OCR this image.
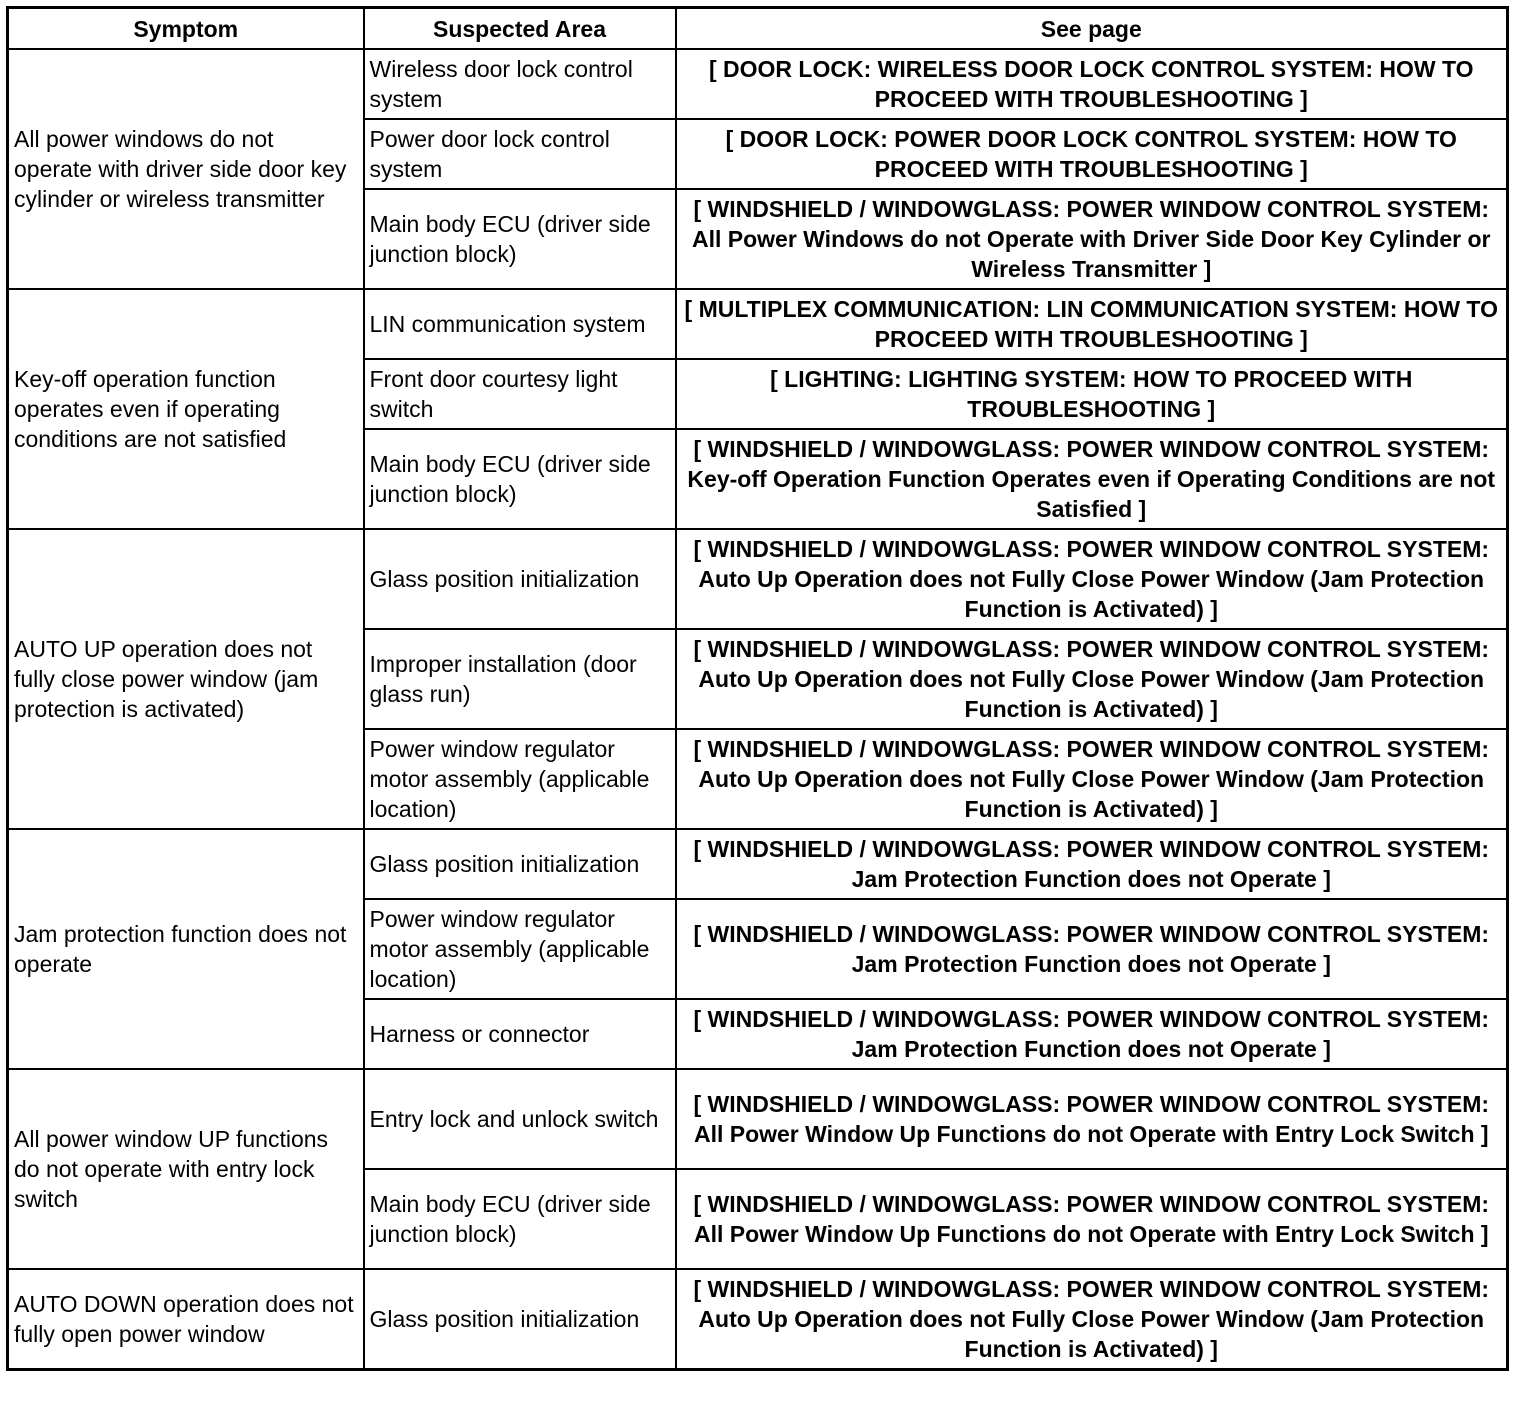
Symptom	Suspected Area	See page
All power windows do not operate with driver side door key cylinder or wireless transmitter	Wireless door lock control system	[ DOOR LOCK: WIRELESS DOOR LOCK CONTROL SYSTEM: HOW TO PROCEED WITH TROUBLESHOOTING ]
	Power door lock control system	[ DOOR LOCK: POWER DOOR LOCK CONTROL SYSTEM: HOW TO PROCEED WITH TROUBLESHOOTING ]
	Main body ECU (driver side junction block)	[ WINDSHIELD / WINDOWGLASS: POWER WINDOW CONTROL SYSTEM: All Power Windows do not Operate with Driver Side Door Key Cylinder or Wireless Transmitter ]
Key-off operation function operates even if operating conditions are not satisfied	LIN communication system	[ MULTIPLEX COMMUNICATION: LIN COMMUNICATION SYSTEM: HOW TO PROCEED WITH TROUBLESHOOTING ]
	Front door courtesy light switch	[ LIGHTING: LIGHTING SYSTEM: HOW TO PROCEED WITH TROUBLESHOOTING ]
	Main body ECU (driver side junction block)	[ WINDSHIELD / WINDOWGLASS: POWER WINDOW CONTROL SYSTEM: Key-off Operation Function Operates even if Operating Conditions are not Satisfied ]
AUTO UP operation does not fully close power window (jam protection is activated)	Glass position initialization	[ WINDSHIELD / WINDOWGLASS: POWER WINDOW CONTROL SYSTEM: Auto Up Operation does not Fully Close Power Window (Jam Protection Function is Activated) ]
	Improper installation (door glass run)	[ WINDSHIELD / WINDOWGLASS: POWER WINDOW CONTROL SYSTEM: Auto Up Operation does not Fully Close Power Window (Jam Protection Function is Activated) ]
	Power window regulator motor assembly (applicable location)	[ WINDSHIELD / WINDOWGLASS: POWER WINDOW CONTROL SYSTEM: Auto Up Operation does not Fully Close Power Window (Jam Protection Function is Activated) ]
Jam protection function does not operate	Glass position initialization	[ WINDSHIELD / WINDOWGLASS: POWER WINDOW CONTROL SYSTEM: Jam Protection Function does not Operate ]
	Power window regulator motor assembly (applicable location)	[ WINDSHIELD / WINDOWGLASS: POWER WINDOW CONTROL SYSTEM: Jam Protection Function does not Operate ]
	Harness or connector	[ WINDSHIELD / WINDOWGLASS: POWER WINDOW CONTROL SYSTEM: Jam Protection Function does not Operate ]
All power window UP functions do not operate with entry lock switch	Entry lock and unlock switch	[ WINDSHIELD / WINDOWGLASS: POWER WINDOW CONTROL SYSTEM: All Power Window Up Functions do not Operate with Entry Lock Switch ]
	Main body ECU (driver side junction block)	[ WINDSHIELD / WINDOWGLASS: POWER WINDOW CONTROL SYSTEM: All Power Window Up Functions do not Operate with Entry Lock Switch ]
AUTO DOWN operation does not fully open power window	Glass position initialization	[ WINDSHIELD / WINDOWGLASS: POWER WINDOW CONTROL SYSTEM: Auto Up Operation does not Fully Close Power Window (Jam Protection Function is Activated) ]
